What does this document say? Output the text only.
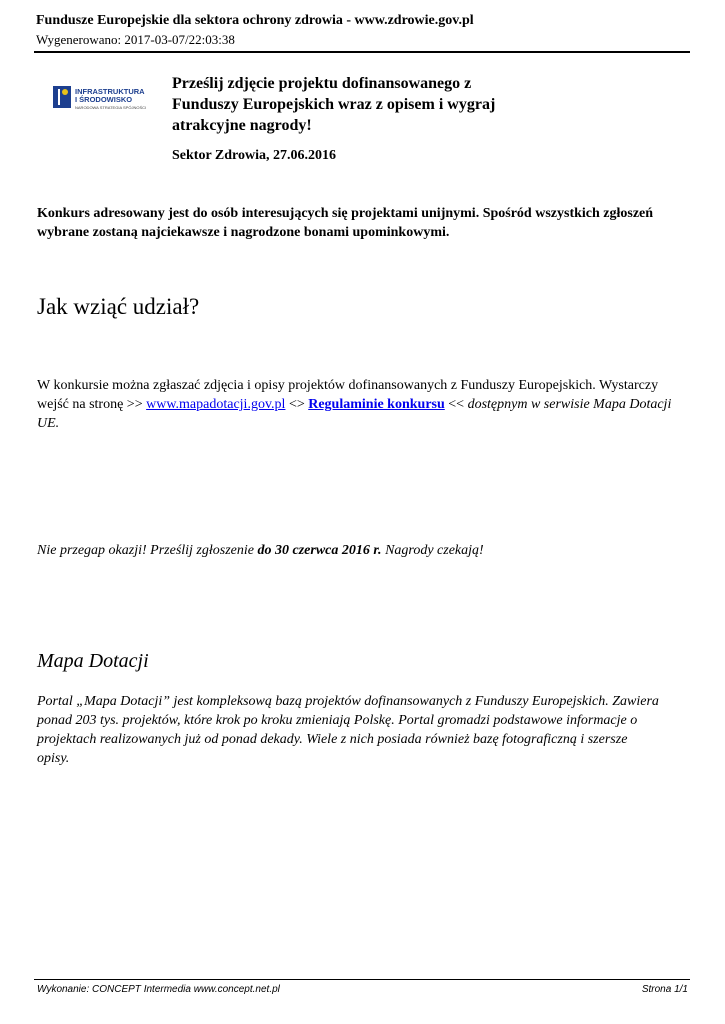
Fundusze Europejskie dla sektora ochrony zdrowia - www.zdrowie.gov.pl
Wygenerowano: 2017-03-07/22:03:38
INFRASTRUKTURA
I ŚRODOWISKO
NARODOWA STRATEGIA SPÓJNOŚCI
Prześlij zdjęcie projektu dofinansowanego z Funduszy Europejskich wraz z opisem i wygraj atrakcyjne nagrody!
Sektor Zdrowia, 27.06.2016

Konkurs adresowany jest do osób interesujących się projektami unijnymi. Spośród wszystkich zgłoszeń wybrane zostaną najciekawsze i nagrodzone bonami upominkowymi.

Jak wziąć udział?

W konkursie można zgłaszać zdjęcia i opisy projektów dofinansowanych z Funduszy Europejskich. Wystarczy wejść na stronę >> www.mapadotacji.gov.pl <> Regulaminie konkursu << dostępnym w serwisie Mapa Dotacji UE.

Nie przegap okazji! Prześlij zgłoszenie do 30 czerwca 2016 r. Nagrody czekają!

Mapa Dotacji

Portal „Mapa Dotacji” jest kompleksową bazą projektów dofinansowanych z Funduszy Europejskich. Zawiera ponad 203 tys. projektów, które krok po kroku zmieniają Polskę. Portal gromadzi podstawowe informacje o projektach realizowanych już od ponad dekady. Wiele z nich posiada również bazę fotograficzną i szersze opisy.

Wykonanie: CONCEPT Intermedia www.concept.net.pl	Strona 1/1
